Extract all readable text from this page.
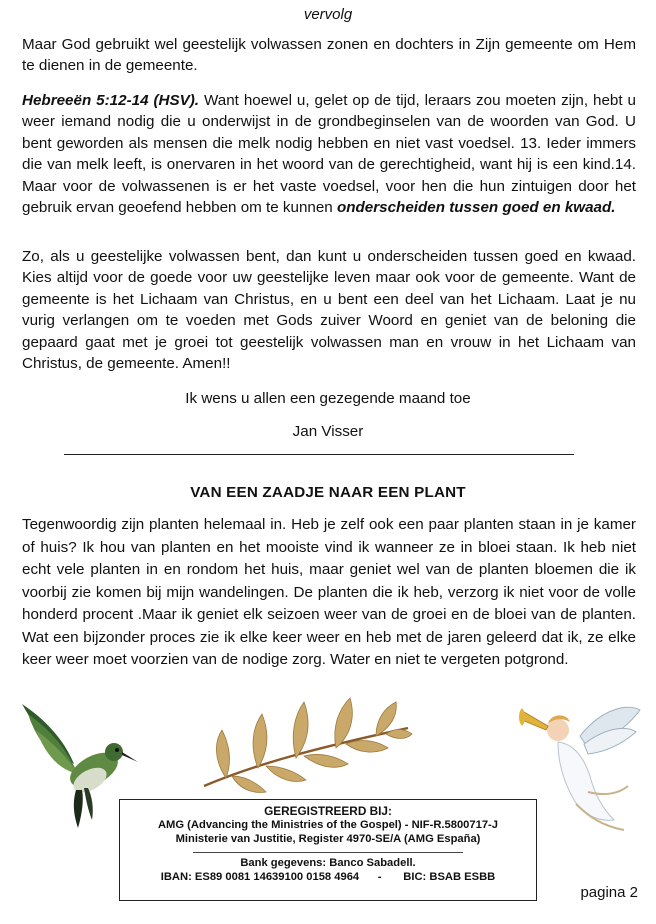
vervolg
Maar God gebruikt wel geestelijk volwassen zonen en dochters in Zijn gemeente om Hem te dienen in de gemeente.
Hebreeën 5:12-14 (HSV). Want hoewel u, gelet op de tijd, leraars zou moeten zijn, hebt u weer iemand nodig die u onderwijst in de grondbeginselen van de woorden van God. U bent geworden als mensen die melk nodig hebben en niet vast voedsel. 13. Ieder immers die van melk leeft, is onervaren in het woord van de gerechtigheid, want hij is een kind.14. Maar voor de volwassenen is er het vaste voedsel, voor hen die hun zintuigen door het gebruik ervan geoefend hebben om te kunnen onderscheiden tussen goed en kwaad.
Zo, als u geestelijke volwassen bent, dan kunt u onderscheiden tussen goed en kwaad. Kies altijd voor de goede voor uw geestelijke leven maar ook voor de gemeente. Want de gemeente is het Lichaam van Christus, en u bent een deel van het Lichaam. Laat je nu vurig verlangen om te voeden met Gods zuiver Woord en geniet van de beloning die gepaard gaat met je groei tot geestelijk volwassen man en vrouw in het Lichaam van Christus, de gemeente. Amen!!
Ik wens u allen een gezegende maand toe
Jan Visser
VAN EEN ZAADJE NAAR EEN PLANT
Tegenwoordig zijn planten helemaal in. Heb je zelf ook een paar planten staan in je kamer of huis? Ik hou van planten en het mooiste vind ik wanneer ze in bloei staan. Ik heb niet echt vele planten in en rondom het huis, maar geniet wel van de planten bloemen die ik voorbij zie komen bij mijn wandelingen. De planten die ik heb, verzorg ik niet voor de volle honderd procent .Maar ik geniet elk seizoen weer van de groei en de bloei van de planten. Wat een bijzonder proces zie ik elke keer weer en heb met de jaren geleerd dat ik, ze elke keer weer moet voorzien van de nodige zorg. Water en niet te vergeten potgrond.
GEREGISTREERD BIJ:
AMG (Advancing the Ministries of the Gospel) - NIF-R.5800717-J
Ministerie van Justitie, Register 4970-SE/A (AMG España)
Bank gegevens: Banco Sabadell.
IBAN: ES89 0081 14639100 0158 4964      -       BIC: BSAB ESBB
pagina 2
